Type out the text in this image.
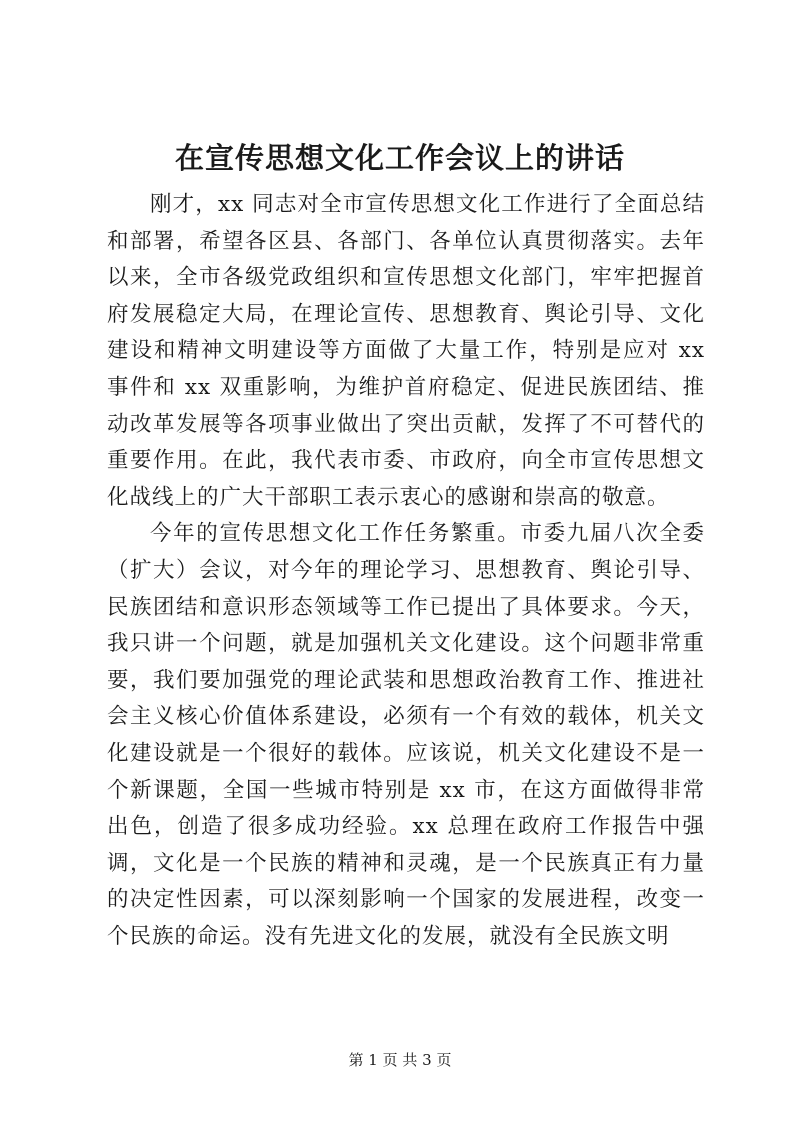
在宣传思想文化工作会议上的讲话

刚才，xx 同志对全市宣传思想文化工作进行了全面总结和部署，希望各区县、各部门、各单位认真贯彻落实。去年以来，全市各级党政组织和宣传思想文化部门，牢牢把握首府发展稳定大局，在理论宣传、思想教育、舆论引导、文化建设和精神文明建设等方面做了大量工作，特别是应对 xx 事件和 xx 双重影响，为维护首府稳定、促进民族团结、推动改革发展等各项事业做出了突出贡献，发挥了不可替代的重要作用。在此，我代表市委、市政府，向全市宣传思想文化战线上的广大干部职工表示衷心的感谢和崇高的敬意。

今年的宣传思想文化工作任务繁重。市委九届八次全委（扩大）会议，对今年的理论学习、思想教育、舆论引导、民族团结和意识形态领域等工作已提出了具体要求。今天，我只讲一个问题，就是加强机关文化建设。这个问题非常重要，我们要加强党的理论武装和思想政治教育工作、推进社会主义核心价值体系建设，必须有一个有效的载体，机关文化建设就是一个很好的载体。应该说，机关文化建设不是一个新课题，全国一些城市特别是 xx 市，在这方面做得非常出色，创造了很多成功经验。xx 总理在政府工作报告中强调，文化是一个民族的精神和灵魂，是一个民族真正有力量的决定性因素，可以深刻影响一个国家的发展进程，改变一个民族的命运。没有先进文化的发展，就没有全民族文明

第 1 页 共 3 页
